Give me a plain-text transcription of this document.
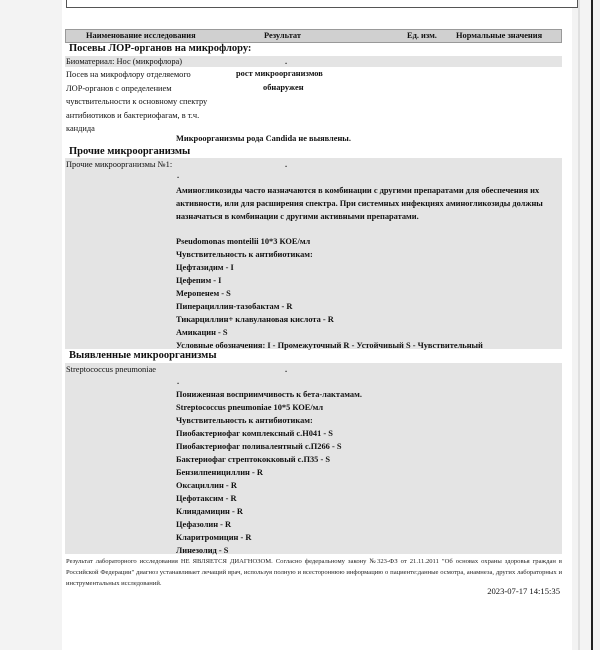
Наименование исследования	Результат	Ед. изм. Нормальные значения
Посевы ЛОР-органов на микрофлору:
Биоматериал: Нос (микрофлора)	.
Посев на микрофлору отделяемого
ЛОР-органов с определением
чувствительности к основному спектру
антибиотиков и бактериофагам, в т.ч.
кандида
рост микроорганизмов
обнаружен
Микроорганизмы рода Candida не выявлены.
Прочие микроорганизмы
Прочие микроорганизмы №1:	.
.
Аминогликозиды часто назначаются в комбинации с другими препаратами для обеспечения их активности, или для расширения спектра. При системных инфекциях аминогликозиды должны назначаться в комбинации с другими активными препаратами.
Pseudomonas monteilii 10*3 КОЕ/мл
Чувствительность к антибиотикам:
Цефтазидим - I
Цефепим - I
Меропенем - S
Пиперациллин-тазобактам - R
Тикарциллин+ клавулановая кислота - R
Амикацин - S
Условные обозначения: I - Промежуточный R - Устойчивый S - Чувствительный
Выявленные микроорганизмы
Streptococcus pneumoniae	.
.
Пониженная восприимчивость к бета-лактамам.
Streptococcus pneumoniae 10*5 КОЕ/мл
Чувствительность к антибиотикам:
Пиобактериофаг комплексный с.Н041 - S
Пиобактериофаг поливалентный с.П266 - S
Бактериофаг стрептококковый с.П35 - S
Бензилпенициллин - R
Оксациллин - R
Цефотаксим - R
Клиндамицин - R
Цефазолин - R
Кларитромицин - R
Линезолид - S
Результат лабораторного исследования НЕ ЯВЛЯЕТСЯ ДИАГНОЗОМ. Согласно федеральному закону №323-ФЗ от 21.11.2011 "Об основах охраны здоровья граждан в Российской Федерации" диагноз устанавливает лечащий врач, используя полную и всестороннюю информацию о пациенте:данные осмотра, анамнеза, других лабораторных и инструментальных исследований.
2023-07-17 14:15:35
